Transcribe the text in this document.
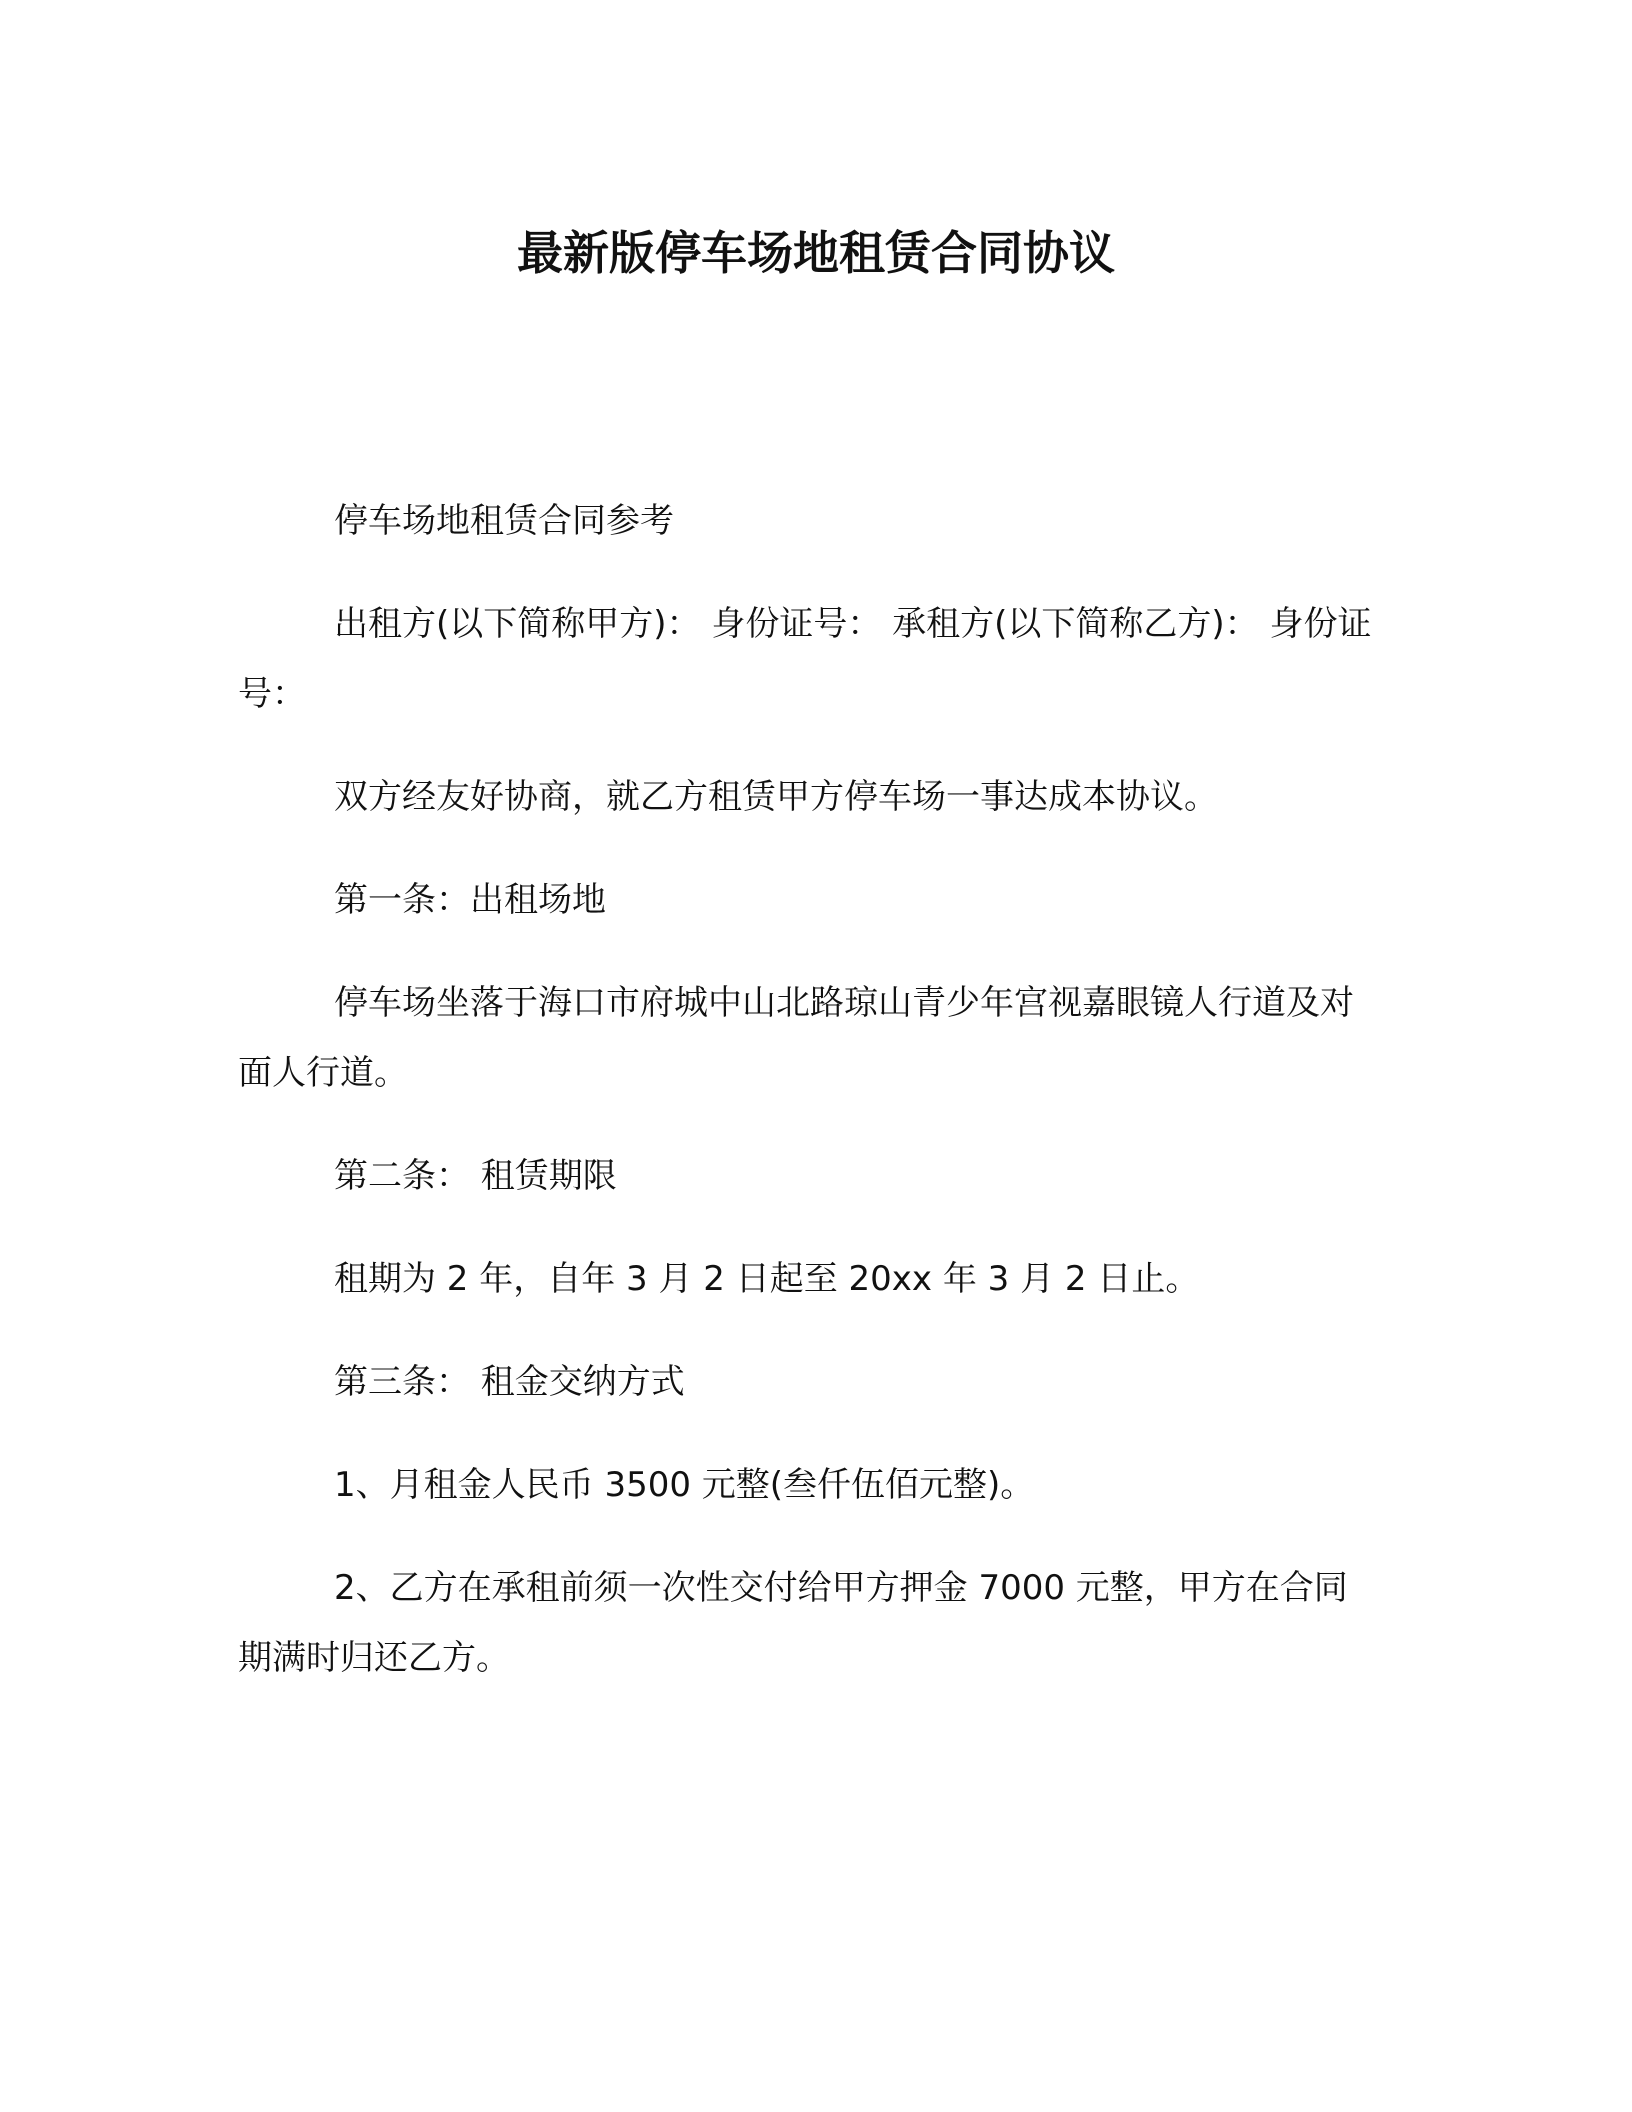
最新版停车场地租赁合同协议

停车场地租赁合同参考

出租方(以下简称甲方)： 身份证号： 承租方(以下简称乙方)： 身份证号：

双方经友好协商，就乙方租赁甲方停车场一事达成本协议。

第一条：出租场地

停车场坐落于海口市府城中山北路琼山青少年宫视嘉眼镜人行道及对面人行道。

第二条： 租赁期限

租期为 2 年，自年 3 月 2 日起至 20xx 年 3 月 2 日止。

第三条： 租金交纳方式

1、月租金人民币 3500 元整(叁仟伍佰元整)。

2、乙方在承租前须一次性交付给甲方押金 7000 元整，甲方在合同期满时归还乙方。
